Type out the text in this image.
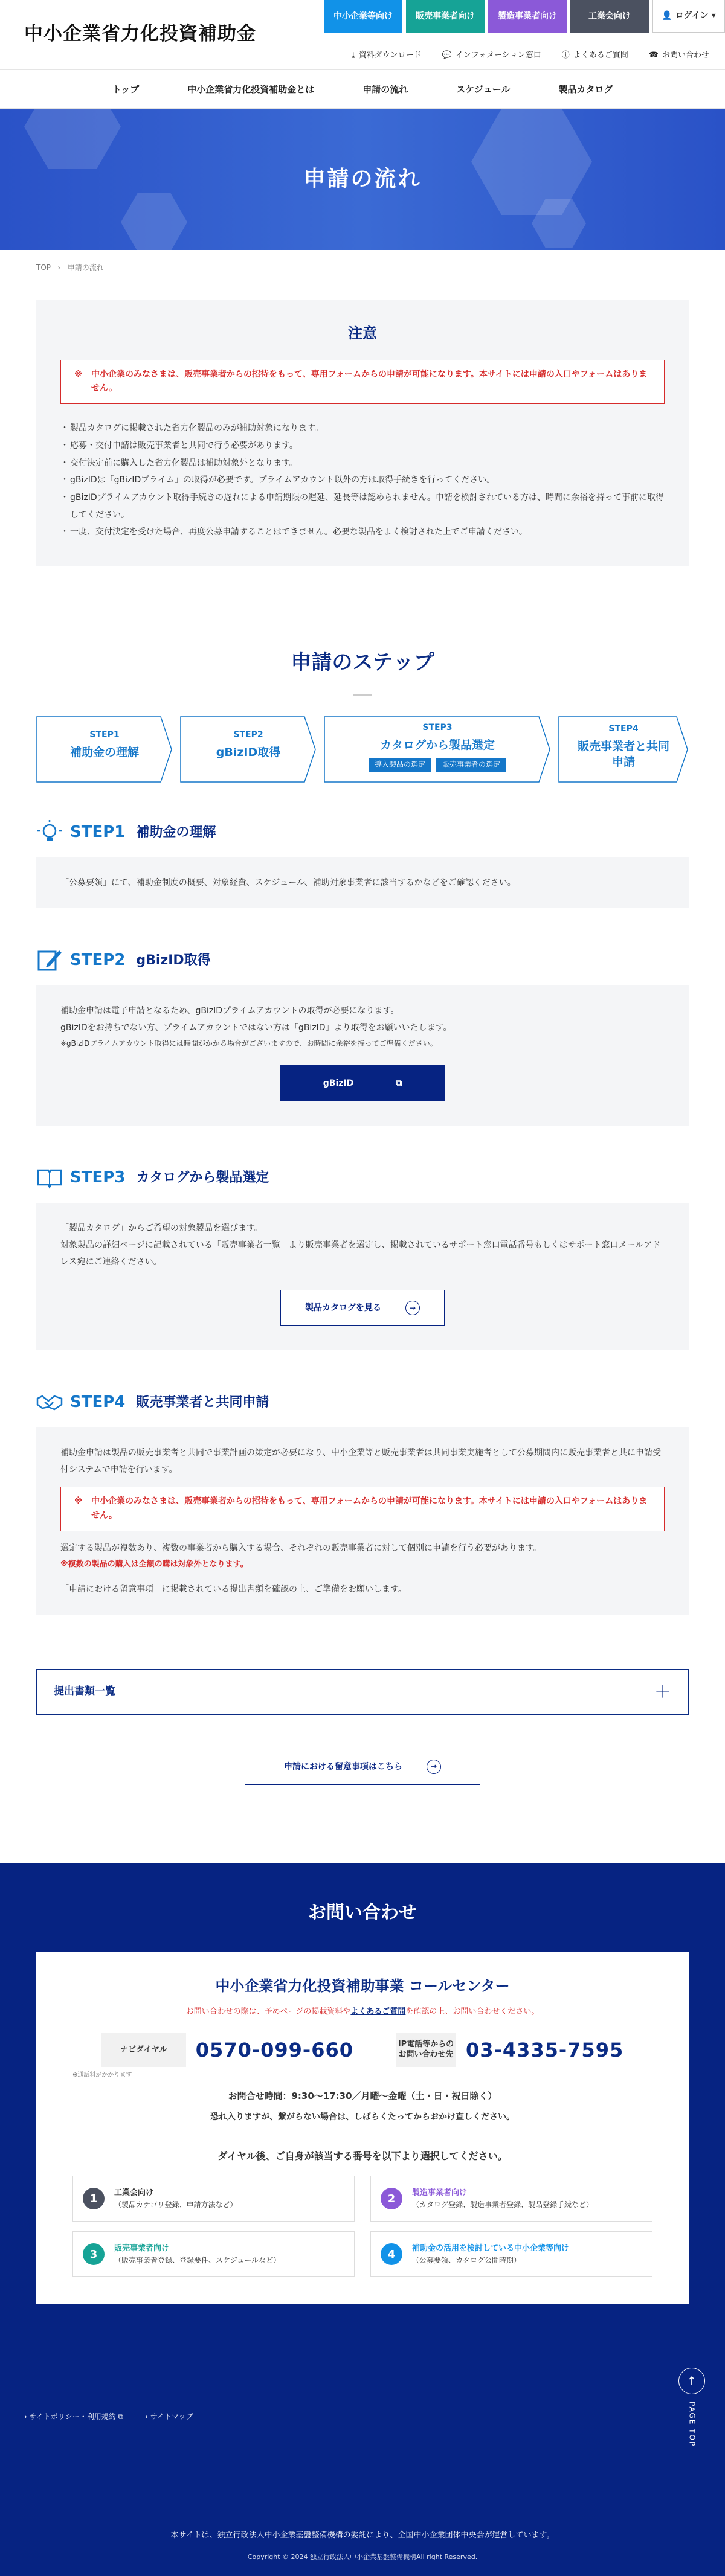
中小企業省力化投資補助金
中小企業等向け	販売事業者向け	製造事業者向け	工業会向け	👤
ログイン
▾
⤓ 資料ダウンロード	💬 インフォメーション窓口	ⓘ よくあるご質問	☎ お問い合わせ
トップ	中小企業省力化投資補助金とは	申請の流れ	スケジュール	製品カタログ
申請の流れ
TOP   ›   申請の流れ
注意
※ 中小企業のみなさまは、販売事業者からの招待をもって、専用フォームからの申請が可能になります。本サイトには申請の入口やフォームはありません。
・ 製品カタログに掲載された省力化製品のみが補助対象になります。
・ 応募・交付申請は販売事業者と共同で行う必要があります。
・ 交付決定前に購入した省力化製品は補助対象外となります。
・ gBizIDは「gBizIDプライム」の取得が必要です。プライムアカウント以外の方は取得手続きを行ってください。
・ gBizIDプライムアカウント取得手続きの遅れによる申請期限の遅延、延長等は認められません。申請を検討されている方は、時間に余裕を持って事前に取得してください。
・ 一度、交付決定を受けた場合、再度公募申請することはできません。必要な製品をよく検討された上でご申請ください。
申請のステップ
STEP1
補助金の理解
STEP2
gBizID取得
STEP3
カタログから製品選定
導入製品の選定	販売事業者の選定
STEP4
販売事業者と共同申請
STEP1 補助金の理解

「公募要領」にて、補助金制度の概要、対象経費、スケジュール、補助対象事業者に該当するかなどをご確認ください。

STEP2 gBizID取得

補助金申請は電子申請となるため、gBizIDプライムアカウントの取得が必要になります。

gBizIDをお持ちでない方、プライムアカウントではない方は「gBizID」より取得をお願いいたします。

※gBizIDプライムアカウント取得には時間がかかる場合がございますので、お時間に余裕を持ってご準備ください。

gBizID	⧉
STEP3 カタログから製品選定

「製品カタログ」からご希望の対象製品を選びます。

対象製品の詳細ページに記載されている「販売事業者一覧」より販売事業者を選定し、掲載されているサポート窓口電話番号もしくはサポート窓口メールアドレス宛にご連絡ください。

製品カタログを見る	→
STEP4 販売事業者と共同申請

補助金申請は製品の販売事業者と共同で事業計画の策定が必要になり、中小企業等と販売事業者は共同事業実施者として公募期間内に販売事業者と共に申請受付システムで申請を行います。

※ 中小企業のみなさまは、販売事業者からの招待をもって、専用フォームからの申請が可能になります。本サイトには申請の入口やフォームはありません。

選定する製品が複数あり、複数の事業者から購入する場合、それぞれの販売事業者に対して個別に申請を行う必要があります。

※複数の製品の購入は全額の購は対象外となります。

「申請における留意事項」に掲載されている提出書類を確認の上、ご準備をお願いします。

提出書類一覧	＋
申請における留意事項はこちら	→
お問い合わせ
中小企業省力化投資補助事業 コールセンター

お問い合わせの際は、予めページの掲載資料やよくあるご質問を確認の上、お問い合わせください。

ナビダイヤル	0570-099-660	IP電話等からのお問い合わせ先 03-4335-7595

※通話料がかかります

お問合せ時間：9:30〜17:30／月曜〜金曜（土・日・祝日除く）

恐れ入りますが、繋がらない場合は、しばらくたってからおかけ直しください。

ダイヤル後、ご自身が該当する番号を以下より選択してください。

1	工業会向け
（製品カテゴリ登録、申請方法など）	2	製造事業者向け
（カタログ登録、製造事業者登録、製品登録手続など）
3	販売事業者向け
（販売事業者登録、登録要件、スケジュールなど）	4	補助金の活用を検討している中小企業等向け
（公募要領、カタログ公開時期）
› サイトポリシー・利用規約 ⧉	› サイトマップ
↑
PAGE TOP

本サイトは、独立行政法人中小企業基盤整備機構の委託により、全国中小企業団体中央会が運営しています。

Copyright © 2024 独立行政法人中小企業基盤整備機構All right Reserved.
